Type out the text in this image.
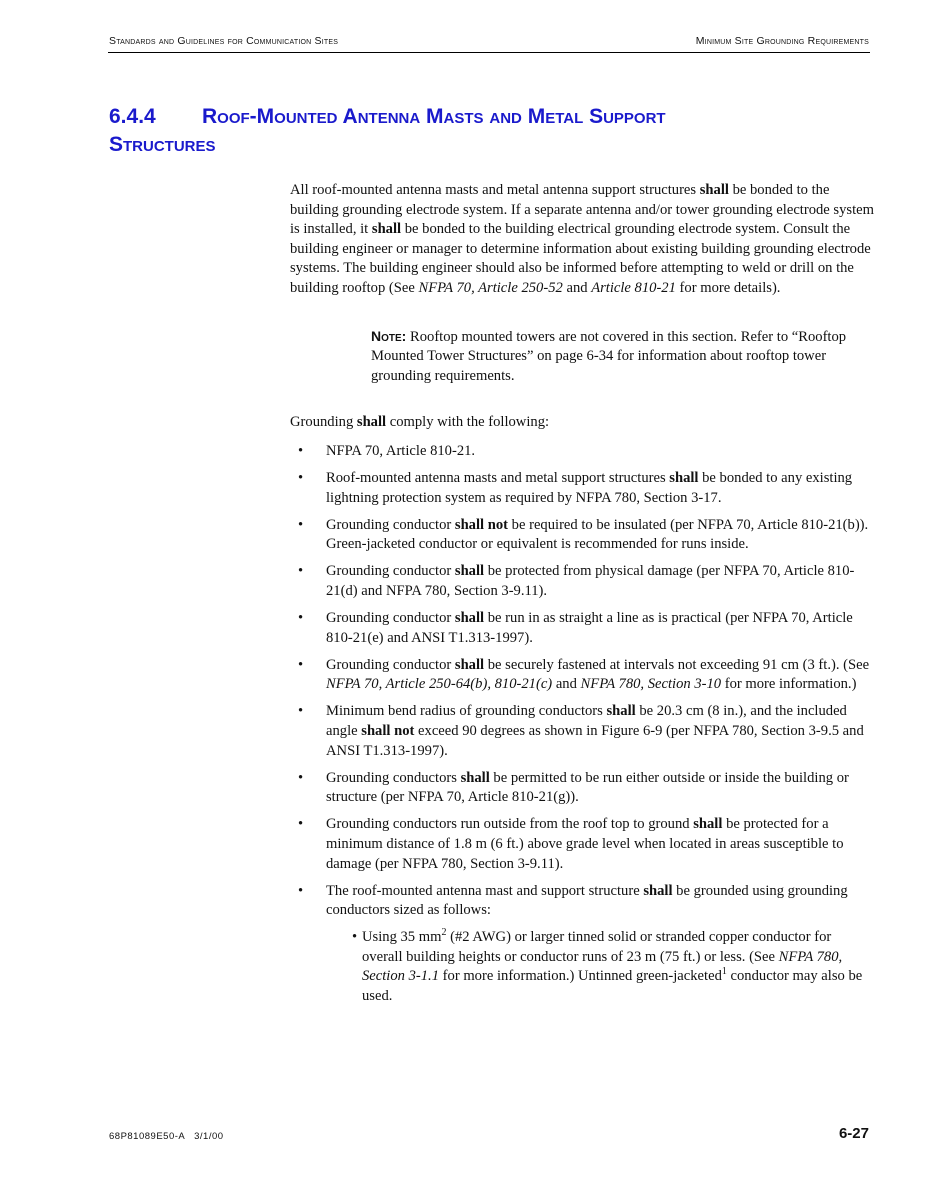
Standards and Guidelines for Communication Sites	Minimum Site Grounding Requirements
6.4.4 Roof-Mounted Antenna Masts and Metal Support
Structures

All roof-mounted antenna masts and metal antenna support structures shall be bonded to the building grounding electrode system. If a separate antenna and/or tower grounding electrode system is installed, it shall be bonded to the building electrical grounding electrode system. Consult the building engineer or manager to determine information about existing building grounding electrode systems. The building engineer should also be informed before attempting to weld or drill on the building rooftop (See NFPA 70, Article 250-52 and Article 810-21 for more details).

Note: Rooftop mounted towers are not covered in this section. Refer to “Rooftop Mounted Tower Structures” on page 6-34 for information about rooftop tower grounding requirements.

Grounding shall comply with the following:

• NFPA 70, Article 810-21.
• Roof-mounted antenna masts and metal support structures shall be bonded to any existing lightning protection system as required by NFPA 780, Section 3-17.
• Grounding conductor shall not be required to be insulated (per NFPA 70, Article 810-21(b)). Green-jacketed conductor or equivalent is recommended for runs inside.
• Grounding conductor shall be protected from physical damage (per NFPA 70, Article 810-21(d) and NFPA 780, Section 3-9.11).
• Grounding conductor shall be run in as straight a line as is practical (per NFPA 70, Article 810-21(e) and ANSI T1.313-1997).
• Grounding conductor shall be securely fastened at intervals not exceeding 91 cm (3 ft.). (See NFPA 70, Article 250-64(b), 810-21(c) and NFPA 780, Section 3-10 for more information.)
• Minimum bend radius of grounding conductors shall be 20.3 cm (8 in.), and the included angle shall not exceed 90 degrees as shown in Figure 6-9 (per NFPA 780, Section 3-9.5 and ANSI T1.313-1997).
• Grounding conductors shall be permitted to be run either outside or inside the building or structure (per NFPA 70, Article 810-21(g)).
• Grounding conductors run outside from the roof top to ground shall be protected for a minimum distance of 1.8 m (6 ft.) above grade level when located in areas susceptible to damage (per NFPA 780, Section 3-9.11).
• The roof-mounted antenna mast and support structure shall be grounded using grounding conductors sized as follows:
• Using 35 $mm^2$ (#2 AWG) or larger tinned solid or stranded copper conductor for overall building heights or conductor runs of 23 m (75 ft.) or less. (See NFPA 780, Section 3-1.1 for more information.) Untinned green-jacketed$^1$ conductor may also be used.
68P81089E50-A   3/1/00	6-27
